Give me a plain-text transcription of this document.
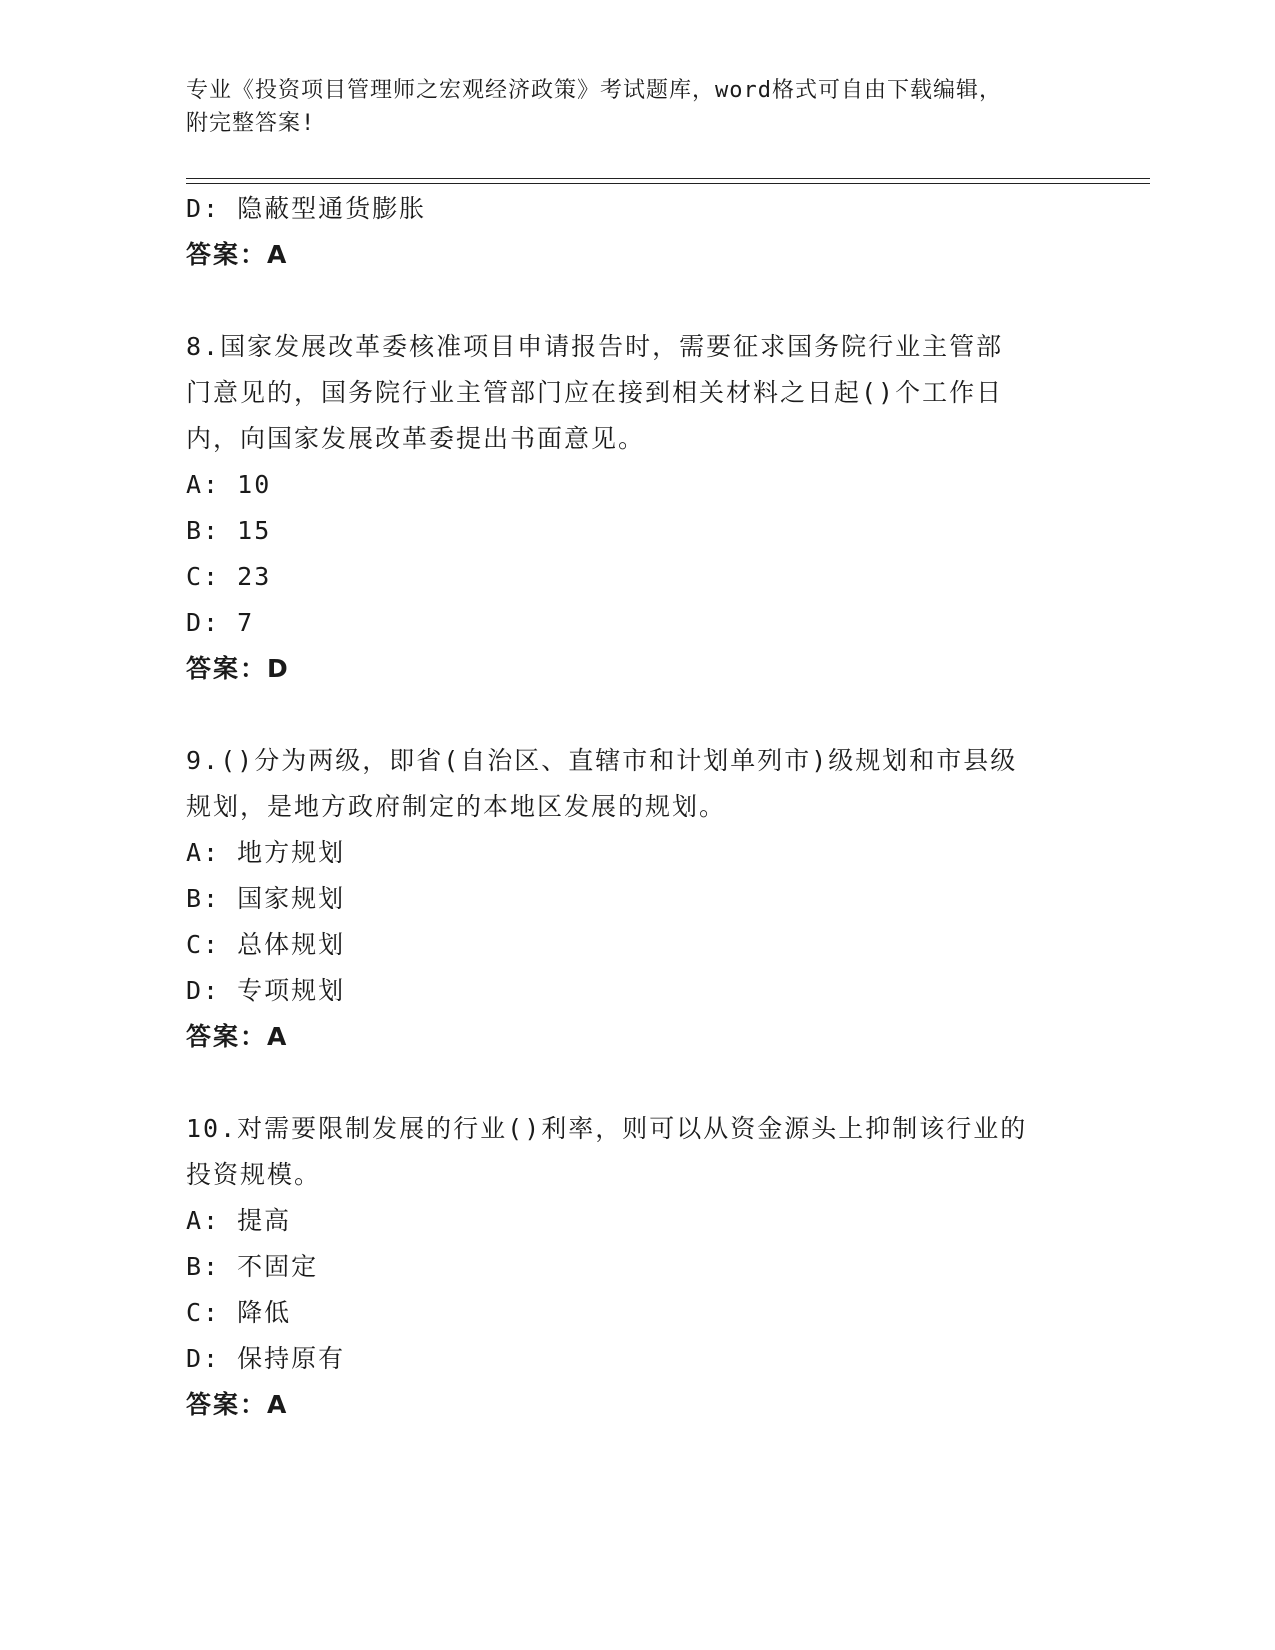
专业《投资项目管理师之宏观经济政策》考试题库，word格式可自由下载编辑，
附完整答案!
D: 隐蔽型通货膨胀
答案：A
8.国家发展改革委核准项目申请报告时，需要征求国务院行业主管部
门意见的，国务院行业主管部门应在接到相关材料之日起()个工作日
内，向国家发展改革委提出书面意见。
A: 10
B: 15
C: 23
D: 7
答案：D
9.()分为两级，即省(自治区、直辖市和计划单列市)级规划和市县级
规划，是地方政府制定的本地区发展的规划。
A: 地方规划
B: 国家规划
C: 总体规划
D: 专项规划
答案：A
10.对需要限制发展的行业()利率，则可以从资金源头上抑制该行业的
投资规模。
A: 提高
B: 不固定
C: 降低
D: 保持原有
答案：A
